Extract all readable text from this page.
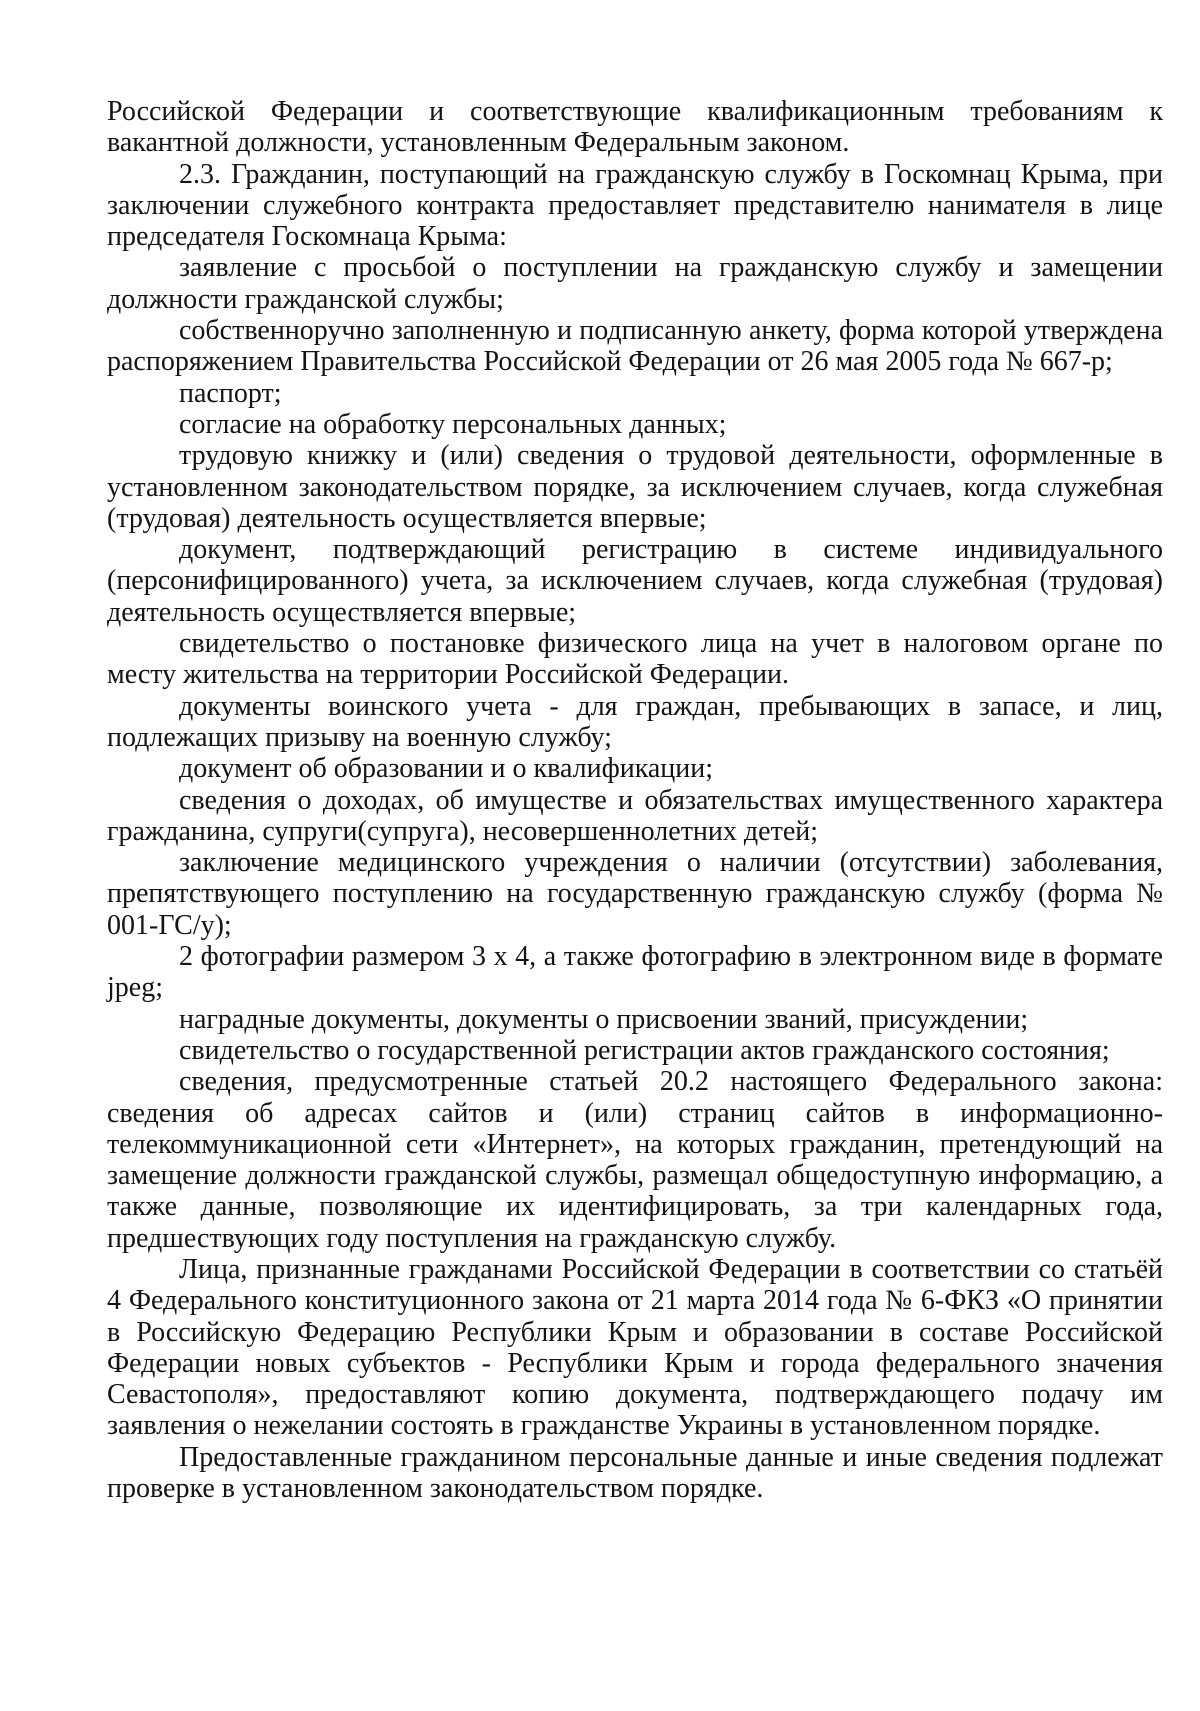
Российской Федерации и соответствующие квалификационным требованиям к вакантной должности, установленным Федеральным законом.

2.3. Гражданин, поступающий на гражданскую службу в Госкомнац Крыма, при заключении служебного контракта предоставляет представителю нанимателя в лице председателя Госкомнаца Крыма:

заявление с просьбой о поступлении на гражданскую службу и замещении должности гражданской службы;

собственноручно заполненную и подписанную анкету, форма которой утверждена распоряжением Правительства Российской Федерации от 26 мая 2005 года № 667-р;

паспорт;

согласие на обработку персональных данных;

трудовую книжку и (или) сведения о трудовой деятельности, оформленные в установленном законодательством порядке, за исключением случаев, когда служебная (трудовая) деятельность осуществляется впервые;

документ, подтверждающий регистрацию в системе индивидуального (персонифицированного) учета, за исключением случаев, когда служебная (трудовая) деятельность осуществляется впервые;

свидетельство о постановке физического лица на учет в налоговом органе по месту жительства на территории Российской Федерации.

документы воинского учета - для граждан, пребывающих в запасе, и лиц, подлежащих призыву на военную службу;

документ об образовании и о квалификации;

сведения о доходах, об имуществе и обязательствах имущественного характера гражданина, супруги(супруга), несовершеннолетних детей;

заключение медицинского учреждения о наличии (отсутствии) заболевания, препятствующего поступлению на государственную гражданскую службу (форма № 001-ГС/у);

2 фотографии размером 3 х 4, а также фотографию в электронном виде в формате jpeg;

наградные документы, документы о присвоении званий, присуждении;

свидетельство о государственной регистрации актов гражданского состояния;

сведения, предусмотренные статьей 20.2 настоящего Федерального закона: сведения об адресах сайтов и (или) страниц сайтов в информационно-телекоммуникационной сети «Интернет», на которых гражданин, претендующий на замещение должности гражданской службы, размещал общедоступную информацию, а также данные, позволяющие их идентифицировать, за три календарных года, предшествующих году поступления на гражданскую службу.

Лица, признанные гражданами Российской Федерации в соответствии со статьёй 4 Федерального конституционного закона от 21 марта 2014 года № 6-ФКЗ «О принятии в Российскую Федерацию Республики Крым и образовании в составе Российской Федерации новых субъектов - Республики Крым и города федерального значения Севастополя», предоставляют копию документа, подтверждающего подачу им заявления о нежелании состоять в гражданстве Украины в установленном порядке.

Предоставленные гражданином персональные данные и иные сведения подлежат проверке в установленном законодательством порядке.
